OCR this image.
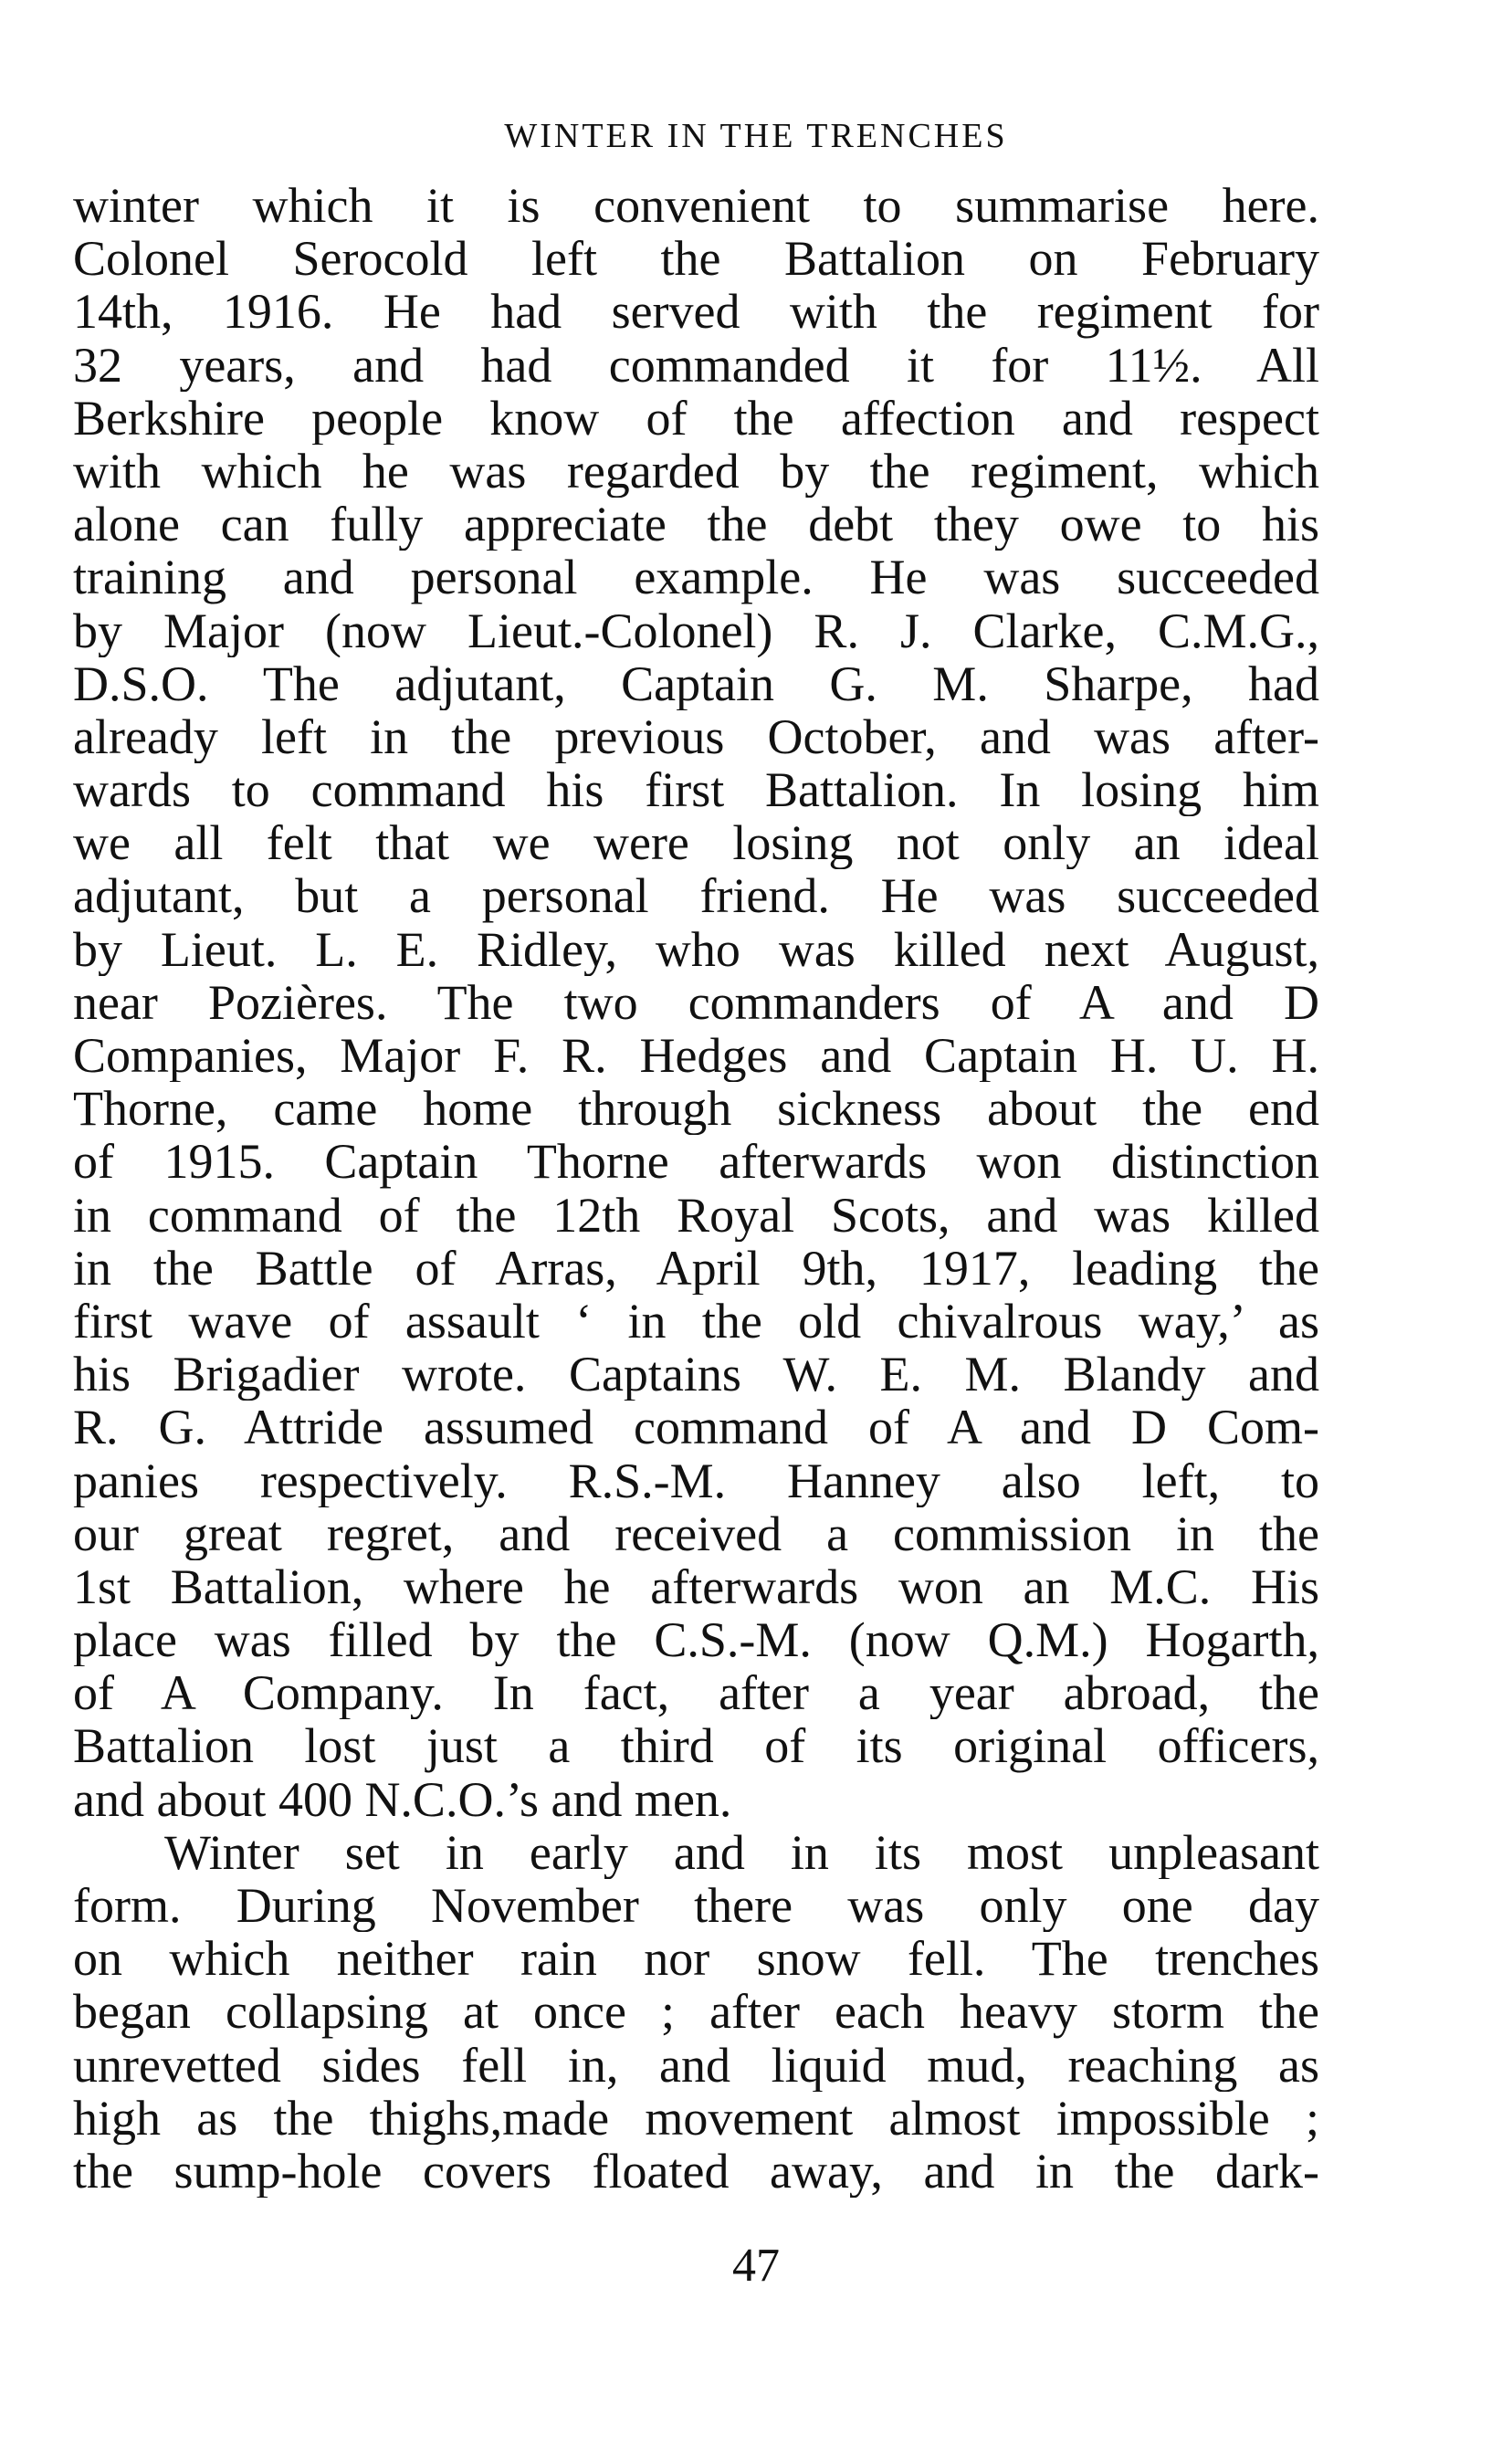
WINTER IN THE TRENCHES
winter which it is convenient to summarise here.
Colonel Serocold left the Battalion on February
14th, 1916. He had served with the regiment for
32 years, and had commanded it for 11½. All
Berkshire people know of the affection and respect
with which he was regarded by the regiment, which
alone can fully appreciate the debt they owe to his
training and personal example. He was succeeded
by Major (now Lieut.-Colonel) R. J. Clarke, C.M.G.,
D.S.O. The adjutant, Captain G. M. Sharpe, had
already left in the previous October, and was after-
wards to command his first Battalion. In losing him
we all felt that we were losing not only an ideal
adjutant, but a personal friend. He was succeeded
by Lieut. L. E. Ridley, who was killed next August,
near Pozières. The two commanders of A and D
Companies, Major F. R. Hedges and Captain H. U. H.
Thorne, came home through sickness about the end
of 1915. Captain Thorne afterwards won distinction
in command of the 12th Royal Scots, and was killed
in the Battle of Arras, April 9th, 1917, leading the
first wave of assault ‘ in the old chivalrous way,’ as
his Brigadier wrote. Captains W. E. M. Blandy and
R. G. Attride assumed command of A and D Com-
panies respectively. R.S.-M. Hanney also left, to
our great regret, and received a commission in the
1st Battalion, where he afterwards won an M.C. His
place was filled by the C.S.-M. (now Q.M.) Hogarth,
of A Company. In fact, after a year abroad, the
Battalion lost just a third of its original officers,
and about 400 N.C.O.’s and men.
Winter set in early and in its most unpleasant
form. During November there was only one day
on which neither rain nor snow fell. The trenches
began collapsing at once ; after each heavy storm the
unrevetted sides fell in, and liquid mud, reaching as
high as the thighs,made movement almost impossible ;
the sump-hole covers floated away, and in the dark-
47
